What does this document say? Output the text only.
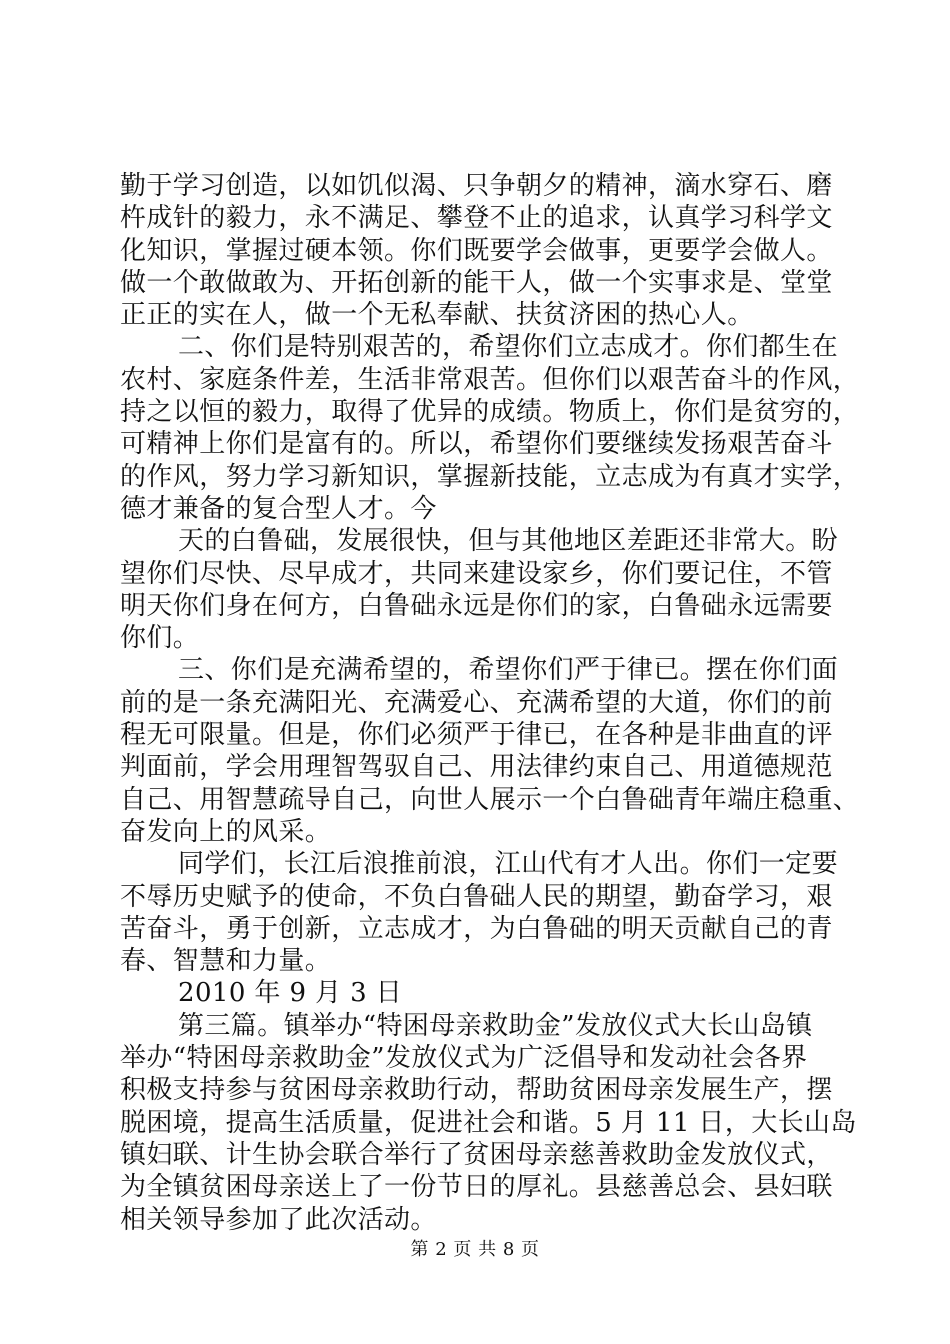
勤于学习创造，以如饥似渴、只争朝夕的精神，滴水穿石、磨
杵成针的毅力，永不满足、攀登不止的追求，认真学习科学文
化知识，掌握过硬本领。你们既要学会做事，更要学会做人。
做一个敢做敢为、开拓创新的能干人，做一个实事求是、堂堂
正正的实在人，做一个无私奉献、扶贫济困的热心人。
二、你们是特别艰苦的，希望你们立志成才。你们都生在
农村、家庭条件差，生活非常艰苦。但你们以艰苦奋斗的作风，
持之以恒的毅力，取得了优异的成绩。物质上，你们是贫穷的，
可精神上你们是富有的。所以，希望你们要继续发扬艰苦奋斗
的作风，努力学习新知识，掌握新技能，立志成为有真才实学，
德才兼备的复合型人才。今
天的白鲁础，发展很快，但与其他地区差距还非常大。盼
望你们尽快、尽早成才，共同来建设家乡，你们要记住，不管
明天你们身在何方，白鲁础永远是你们的家，白鲁础永远需要
你们。
三、你们是充满希望的，希望你们严于律已。摆在你们面
前的是一条充满阳光、充满爱心、充满希望的大道，你们的前
程无可限量。但是，你们必须严于律已，在各种是非曲直的评
判面前，学会用理智驾驭自己、用法律约束自己、用道德规范
自己、用智慧疏导自己，向世人展示一个白鲁础青年端庄稳重、
奋发向上的风采。
同学们，长江后浪推前浪，江山代有才人出。你们一定要
不辱历史赋予的使命，不负白鲁础人民的期望，勤奋学习，艰
苦奋斗，勇于创新，立志成才，为白鲁础的明天贡献自己的青
春、智慧和力量。
2010 年 9 月 3 日
第三篇。镇举办“特困母亲救助金”发放仪式大长山岛镇
举办“特困母亲救助金”发放仪式为广泛倡导和发动社会各界
积极支持参与贫困母亲救助行动，帮助贫困母亲发展生产，摆
脱困境，提高生活质量，促进社会和谐。5 月 11 日，大长山岛
镇妇联、计生协会联合举行了贫困母亲慈善救助金发放仪式，
为全镇贫困母亲送上了一份节日的厚礼。县慈善总会、县妇联
相关领导参加了此次活动。
第 2 页 共 8 页
